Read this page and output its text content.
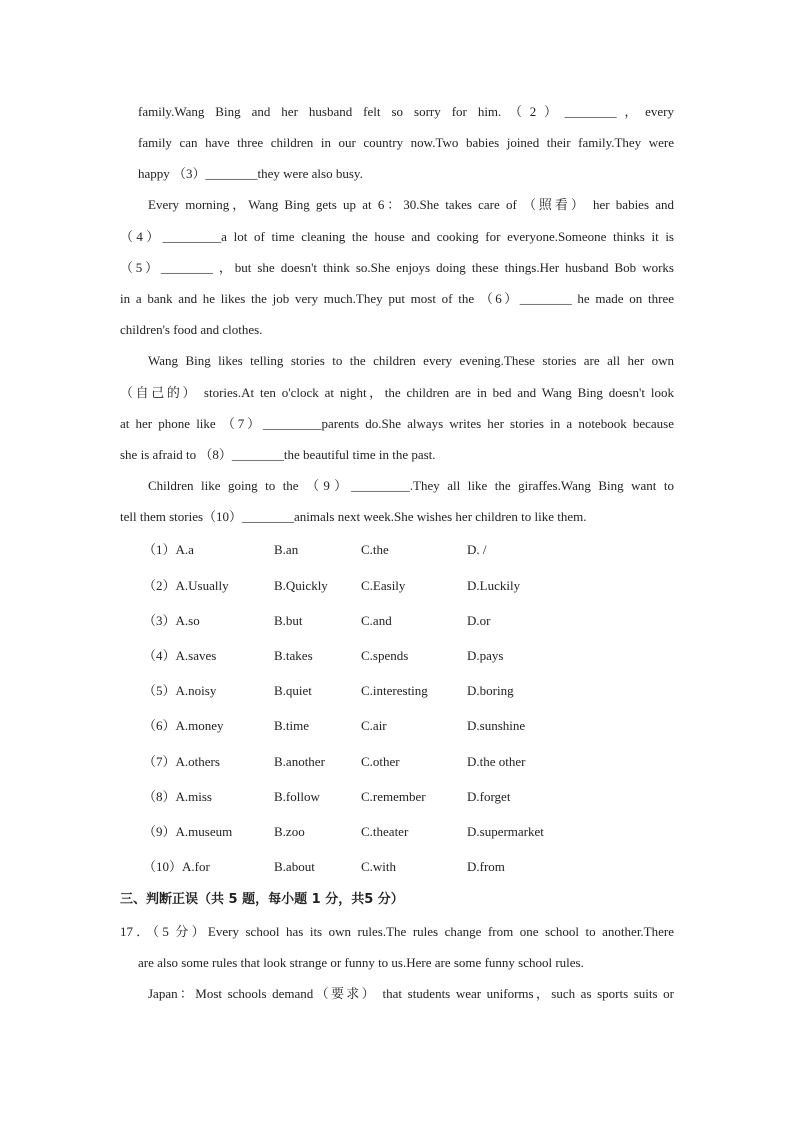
family.Wang Bing and her husband felt so sorry for him.（2）________，every
family can have three children in our country now.Two babies joined their family.They were
happy （3）________they were also busy.
Every morning，Wang Bing gets up at 6：30.She takes care of （照看） her babies and
（4）_________a lot of time cleaning the house and cooking for everyone.Someone thinks it is
（5）________ ，but she doesn't think so.She enjoys doing these things.Her husband Bob works
in a bank and he likes the job very much.They put most of the （6）________ he made on three
children's food and clothes.
Wang Bing likes telling stories to the children every evening.These stories are all her own
（自己的） stories.At ten o'clock at night，the children are in bed and Wang Bing doesn't look
at her phone like （7）_________parents do.She always writes her stories in a notebook because
she is afraid to （8）________the beautiful time in the past.
Children like going to the （9）_________.They all like the giraffes.Wang Bing want to
tell them stories（10）________animals next week.She wishes her children to like them.
（1）A.a	B.an	C.the	D. /
（2）A.Usually	B.Quickly	C.Easily	D.Luckily
（3）A.so	B.but	C.and	D.or
（4）A.saves	B.takes	C.spends	D.pays
（5）A.noisy	B.quiet	C.interesting	D.boring
（6）A.money	B.time	C.air	D.sunshine
（7）A.others	B.another	C.other	D.the other
（8）A.miss	B.follow	C.remember	D.forget
（9）A.museum	B.zoo	C.theater	D.supermarket
（10）A.for	B.about	C.with	D.from
三、判断正误（共 5 题，每小题 1 分，共5 分）
17．（5 分）Every school has its own rules.The rules change from one school to another.There
are also some rules that look strange or funny to us.Here are some funny school rules.
Japan：Most schools demand（要求） that students wear uniforms，such as sports suits or
